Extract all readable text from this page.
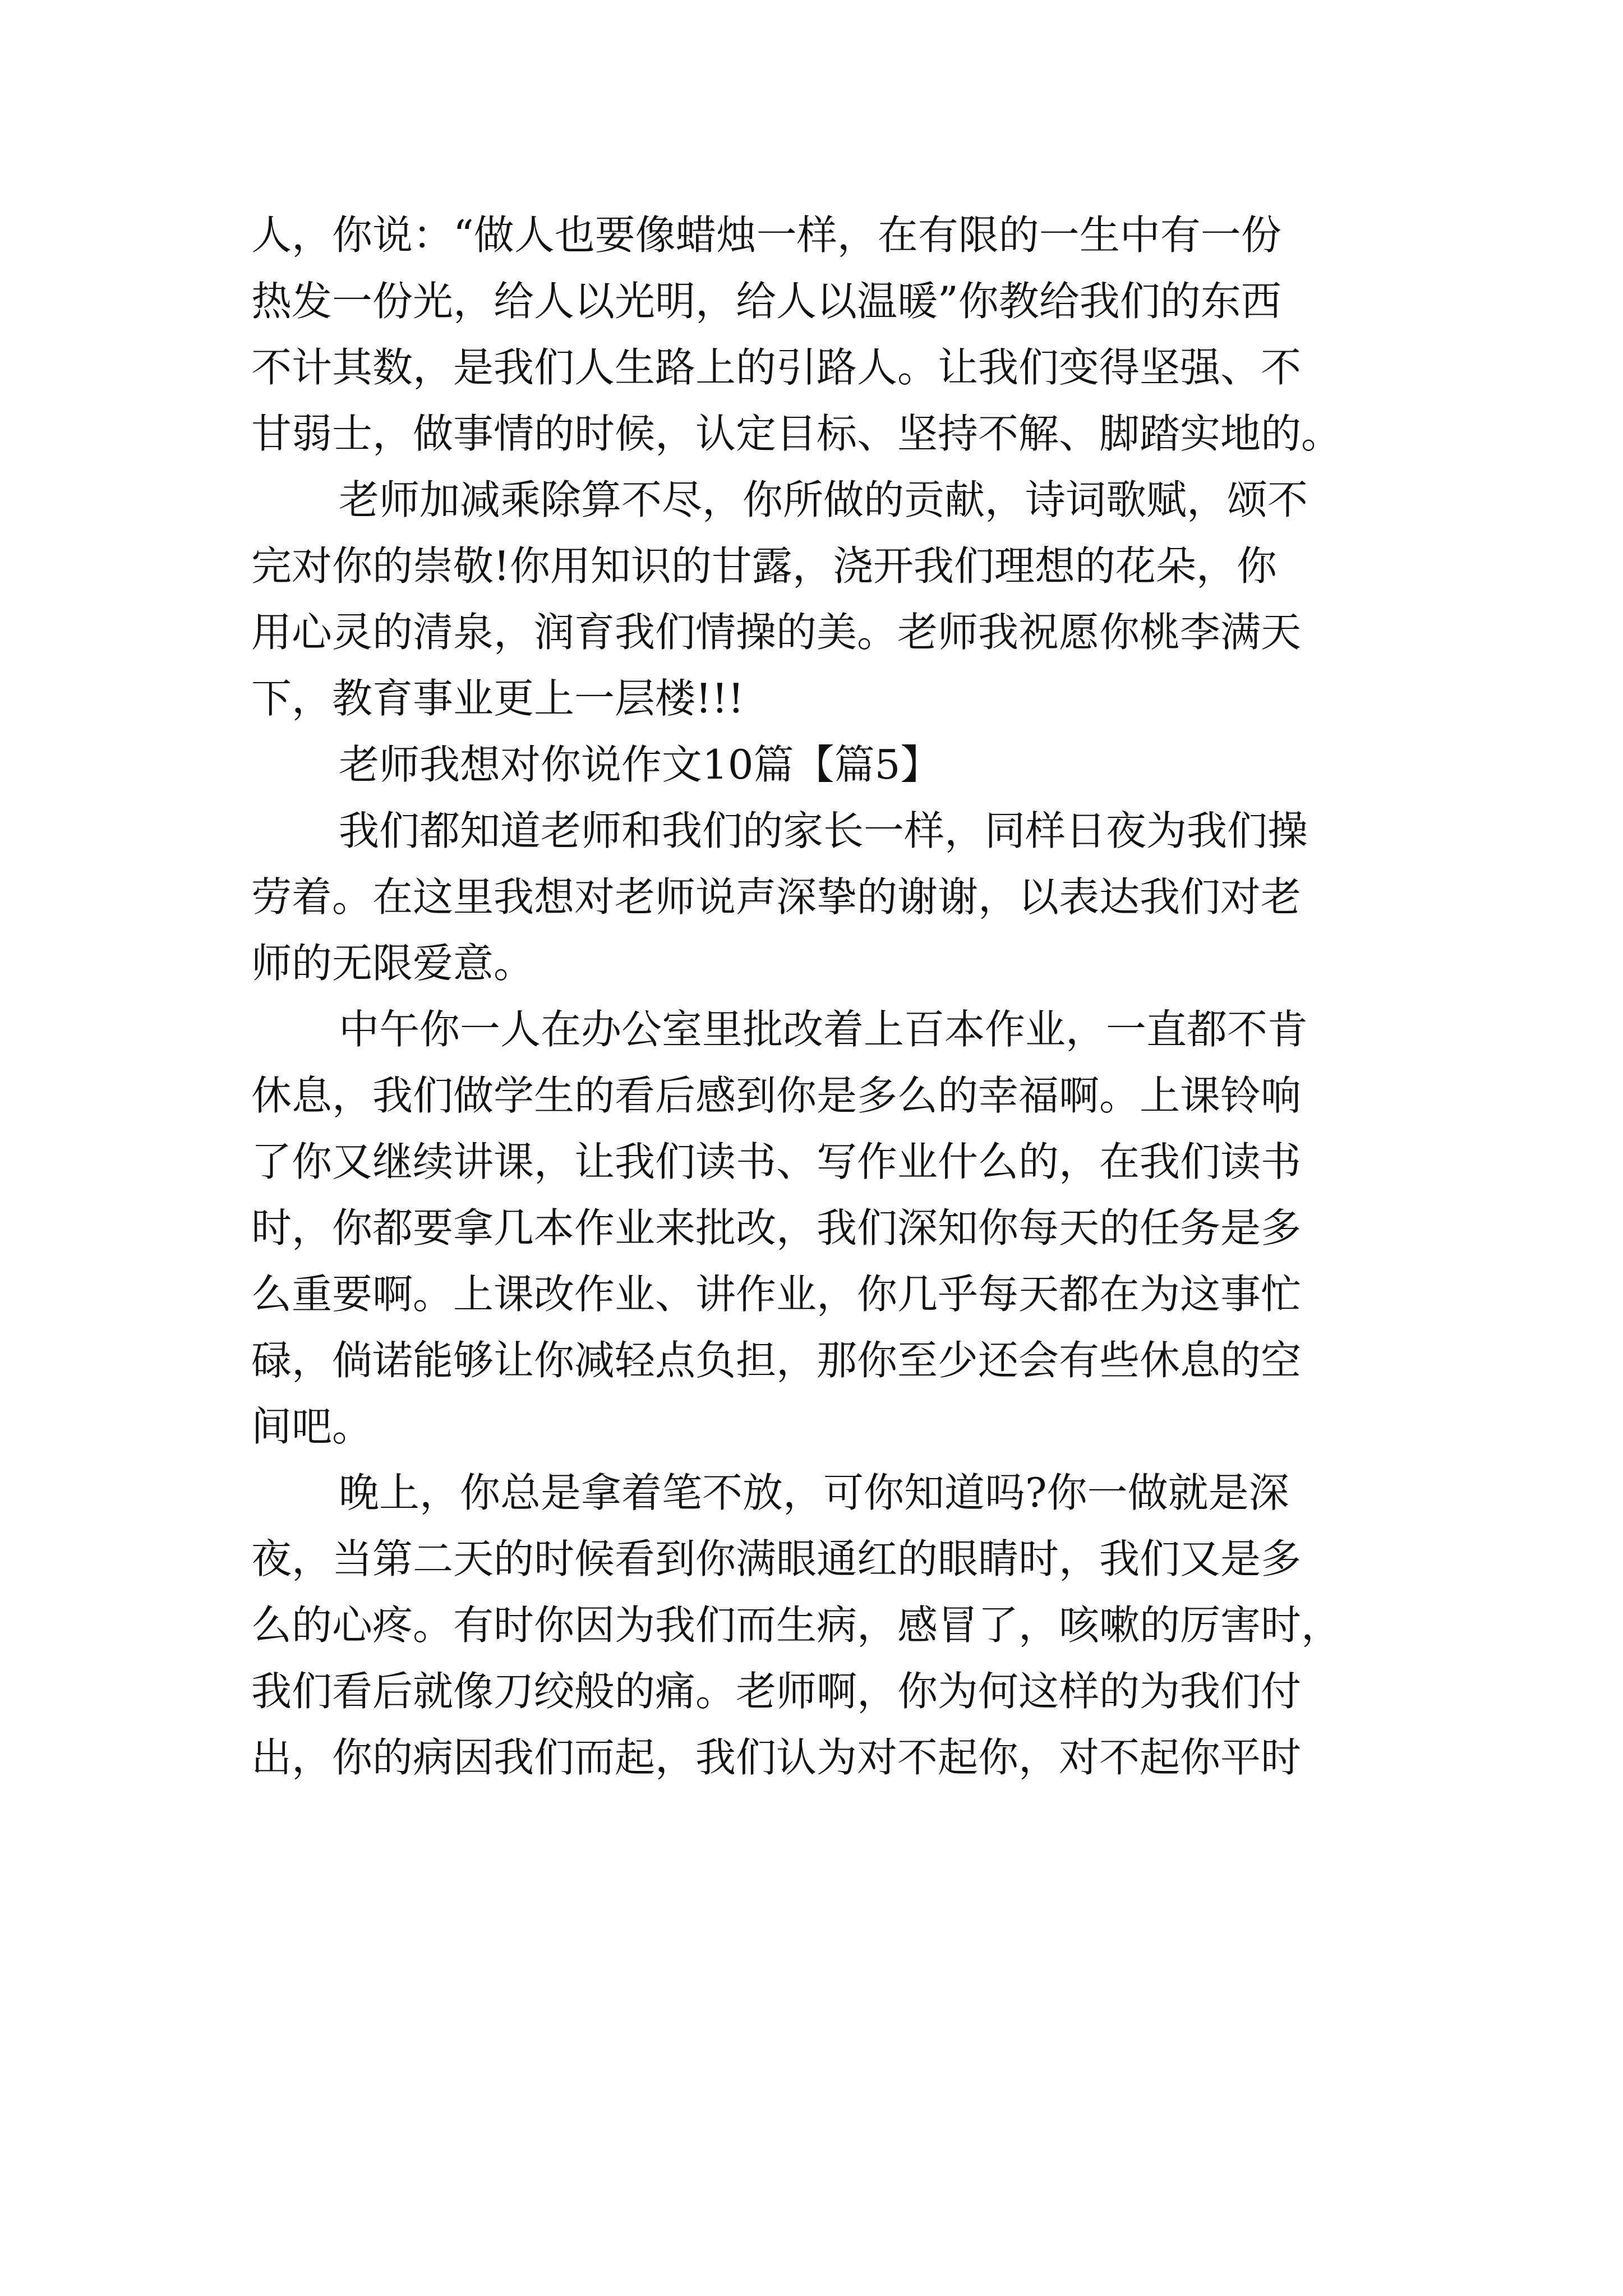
人，你说：“做人也要像蜡烛一样，在有限的一生中有一份
热发一份光，给人以光明，给人以温暖”你教给我们的东西
不计其数，是我们人生路上的引路人。让我们变得坚强、不
甘弱士，做事情的时候，认定目标、坚持不解、脚踏实地的。
老师加减乘除算不尽，你所做的贡献，诗词歌赋，颂不
完对你的崇敬!你用知识的甘露，浇开我们理想的花朵，你
用心灵的清泉，润育我们情操的美。老师我祝愿你桃李满天
下，教育事业更上一层楼!!!
老师我想对你说作文10篇【篇5】
我们都知道老师和我们的家长一样，同样日夜为我们操
劳着。在这里我想对老师说声深挚的谢谢，以表达我们对老
师的无限爱意。
中午你一人在办公室里批改着上百本作业，一直都不肯
休息，我们做学生的看后感到你是多么的幸福啊。上课铃响
了你又继续讲课，让我们读书、写作业什么的，在我们读书
时，你都要拿几本作业来批改，我们深知你每天的任务是多
么重要啊。上课改作业、讲作业，你几乎每天都在为这事忙
碌，倘诺能够让你减轻点负担，那你至少还会有些休息的空
间吧。
晚上，你总是拿着笔不放，可你知道吗?你一做就是深
夜，当第二天的时候看到你满眼通红的眼睛时，我们又是多
么的心疼。有时你因为我们而生病，感冒了，咳嗽的厉害时，
我们看后就像刀绞般的痛。老师啊，你为何这样的为我们付
出，你的病因我们而起，我们认为对不起你，对不起你平时
